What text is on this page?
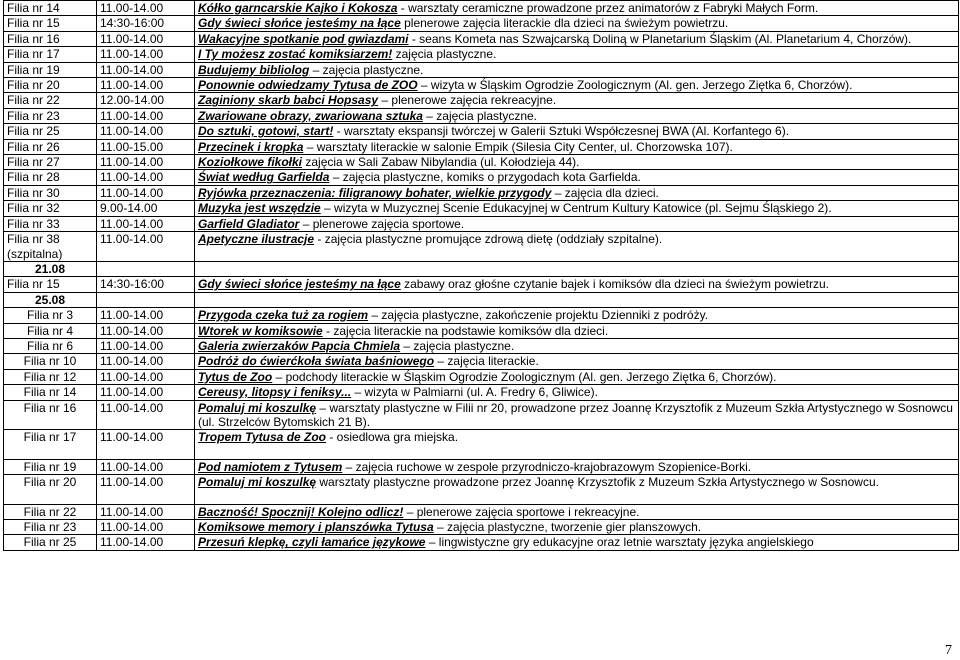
Filia nr 14	11.00-14.00	Kółko garncarskie Kajko i Kokosza - warsztaty ceramiczne prowadzone przez animatorów z Fabryki Małych Form.
Filia nr 15	14:30-16:00	Gdy świeci słońce jesteśmy na łące plenerowe zajęcia literackie dla dzieci na świeżym powietrzu.
Filia nr 16	11.00-14.00	Wakacyjne spotkanie pod gwiazdami - seans Kometa nas Szwajcarską Doliną w Planetarium Śląskim (Al. Planetarium 4, Chorzów).
Filia nr 17	11.00-14.00	I Ty możesz zostać komiksiarzem! zajęcia plastyczne.
Filia nr 19	11.00-14.00	Budujemy bibliolog – zajęcia plastyczne.
Filia nr 20	11.00-14.00	Ponownie odwiedzamy Tytusa de ZOO – wizyta w Śląskim Ogrodzie Zoologicznym (Al. gen. Jerzego Ziętka 6, Chorzów).
Filia nr 22	12.00-14.00	Zaginiony skarb babci Hopsasy – plenerowe zajęcia rekreacyjne.
Filia nr 23	11.00-14.00	Zwariowane obrazy, zwariowana sztuka – zajęcia plastyczne.
Filia nr 25	11.00-14.00	Do sztuki, gotowi, start! - warsztaty ekspansji twórczej w Galerii Sztuki Współczesnej BWA (Al. Korfantego 6).
Filia nr 26	11.00-15.00	Przecinek i kropka – warsztaty literackie w salonie Empik (Silesia City Center, ul. Chorzowska 107).
Filia nr 27	11.00-14.00	Koziołkowe fikołki zajęcia w Sali Zabaw Nibylandia (ul. Kołodzieja 44).
Filia nr 28	11.00-14.00	Świat według Garfielda – zajęcia plastyczne, komiks o przygodach kota Garfielda.
Filia nr 30	11.00-14.00	Ryjówka przeznaczenia: filigranowy bohater, wielkie przygody – zajęcia dla dzieci.
Filia nr 32	9.00-14.00	Muzyka jest wszędzie – wizyta w Muzycznej Scenie Edukacyjnej w Centrum Kultury Katowice (pl. Sejmu Śląskiego 2).
Filia nr 33	11.00-14.00	Garfield Gladiator – plenerowe zajęcia sportowe.
Filia nr 38 (szpitalna)	11.00-14.00	Apetyczne ilustracje - zajęcia plastyczne promujące zdrową dietę (oddziały szpitalne).
21.08		
Filia nr 15	14:30-16:00	Gdy świeci słońce jesteśmy na łące zabawy oraz głośne czytanie bajek i komiksów dla dzieci na świeżym powietrzu.
25.08		
Filia nr 3	11.00-14.00	Przygoda czeka tuż za rogiem – zajęcia plastyczne, zakończenie projektu Dzienniki z podróży.
Filia nr 4	11.00-14.00	Wtorek w komiksowie - zajęcia literackie na podstawie komiksów dla dzieci.
Filia nr 6	11.00-14.00	Galeria zwierzaków Papcia Chmiela – zajęcia plastyczne.
Filia nr 10	11.00-14.00	Podróż do ćwierćkoła świata baśniowego – zajęcia literackie.
Filia nr 12	11.00-14.00	Tytus de Zoo – podchody literackie w Śląskim Ogrodzie Zoologicznym (Al. gen. Jerzego Ziętka 6, Chorzów).
Filia nr 14	11.00-14.00	Cereusy, litopsy i feniksy... – wizyta w Palmiarni (ul. A. Fredry 6, Gliwice).
Filia nr 16	11.00-14.00	Pomaluj mi koszulkę – warsztaty plastyczne w Filii nr 20, prowadzone przez Joannę Krzysztofik z Muzeum Szkła Artystycznego w Sosnowcu (ul. Strzelców Bytomskich 21 B).
Filia nr 17	11.00-14.00	Tropem Tytusa de Zoo - osiedlowa gra miejska.
Filia nr 19	11.00-14.00	Pod namiotem z Tytusem – zajęcia ruchowe w zespole przyrodniczo-krajobrazowym Szopienice-Borki.
Filia nr 20	11.00-14.00	Pomaluj mi koszulkę warsztaty plastyczne prowadzone przez Joannę Krzysztofik z Muzeum Szkła Artystycznego w Sosnowcu.
Filia nr 22	11.00-14.00	Baczność! Spocznij! Kolejno odlicz! – plenerowe zajęcia sportowe i rekreacyjne.
Filia nr 23	11.00-14.00	Komiksowe memory i planszówka Tytusa – zajęcia plastyczne, tworzenie gier planszowych.
Filia nr 25	11.00-14.00	Przesuń klepkę, czyli łamańce językowe – lingwistyczne gry edukacyjne oraz letnie warsztaty języka angielskiego
7
